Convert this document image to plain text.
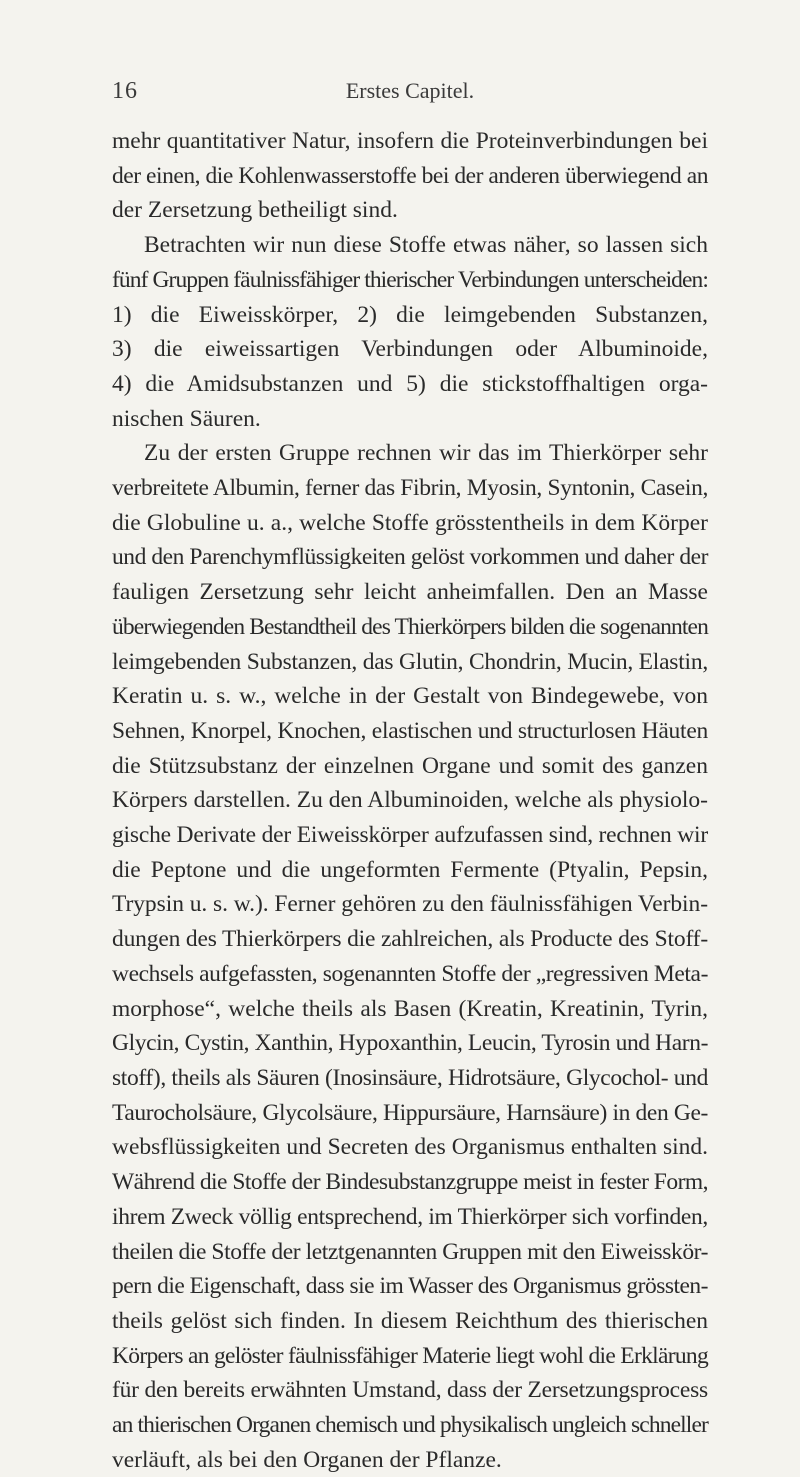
16	Erstes Capitel.

mehr quantitativer Natur, insofern die Proteinverbindungen bei
der einen, die Kohlenwasserstoffe bei der anderen überwiegend an
der Zersetzung betheiligt sind.

Betrachten wir nun diese Stoffe etwas näher, so lassen sich
fünf Gruppen fäulnissfähiger thierischer Verbindungen unterscheiden:
1) die Eiweisskörper, 2) die leimgebenden Substanzen,
3) die eiweissartigen Verbindungen oder Albuminoide,
4) die Amidsubstanzen und 5) die stickstoffhaltigen orga-
nischen Säuren.

Zu der ersten Gruppe rechnen wir das im Thierkörper sehr
verbreitete Albumin, ferner das Fibrin, Myosin, Syntonin, Casein,
die Globuline u. a., welche Stoffe grösstentheils in dem Körper
und den Parenchymflüssigkeiten gelöst vorkommen und daher der
fauligen Zersetzung sehr leicht anheimfallen. Den an Masse
überwiegenden Bestandtheil des Thierkörpers bilden die sogenannten
leimgebenden Substanzen, das Glutin, Chondrin, Mucin, Elastin,
Keratin u. s. w., welche in der Gestalt von Bindegewebe, von
Sehnen, Knorpel, Knochen, elastischen und structurlosen Häuten
die Stützsubstanz der einzelnen Organe und somit des ganzen
Körpers darstellen. Zu den Albuminoiden, welche als physiolo-
gische Derivate der Eiweisskörper aufzufassen sind, rechnen wir
die Peptone und die ungeformten Fermente (Ptyalin, Pepsin,
Trypsin u. s. w.). Ferner gehören zu den fäulnissfähigen Verbin-
dungen des Thierkörpers die zahlreichen, als Producte des Stoff-
wechsels aufgefassten, sogenannten Stoffe der „regressiven Meta-
morphose“, welche theils als Basen (Kreatin, Kreatinin, Tyrin,
Glycin, Cystin, Xanthin, Hypoxanthin, Leucin, Tyrosin und Harn-
stoff), theils als Säuren (Inosinsäure, Hidrotsäure, Glycochol- und
Taurocholsäure, Glycolsäure, Hippursäure, Harnsäure) in den Ge-
websflüssigkeiten und Secreten des Organismus enthalten sind.
Während die Stoffe der Bindesubstanzgruppe meist in fester Form,
ihrem Zweck völlig entsprechend, im Thierkörper sich vorfinden,
theilen die Stoffe der letztgenannten Gruppen mit den Eiweisskör-
pern die Eigenschaft, dass sie im Wasser des Organismus grössten-
theils gelöst sich finden. In diesem Reichthum des thierischen
Körpers an gelöster fäulnissfähiger Materie liegt wohl die Erklärung
für den bereits erwähnten Umstand, dass der Zersetzungsprocess
an thierischen Organen chemisch und physikalisch ungleich schneller
verläuft, als bei den Organen der Pflanze.
